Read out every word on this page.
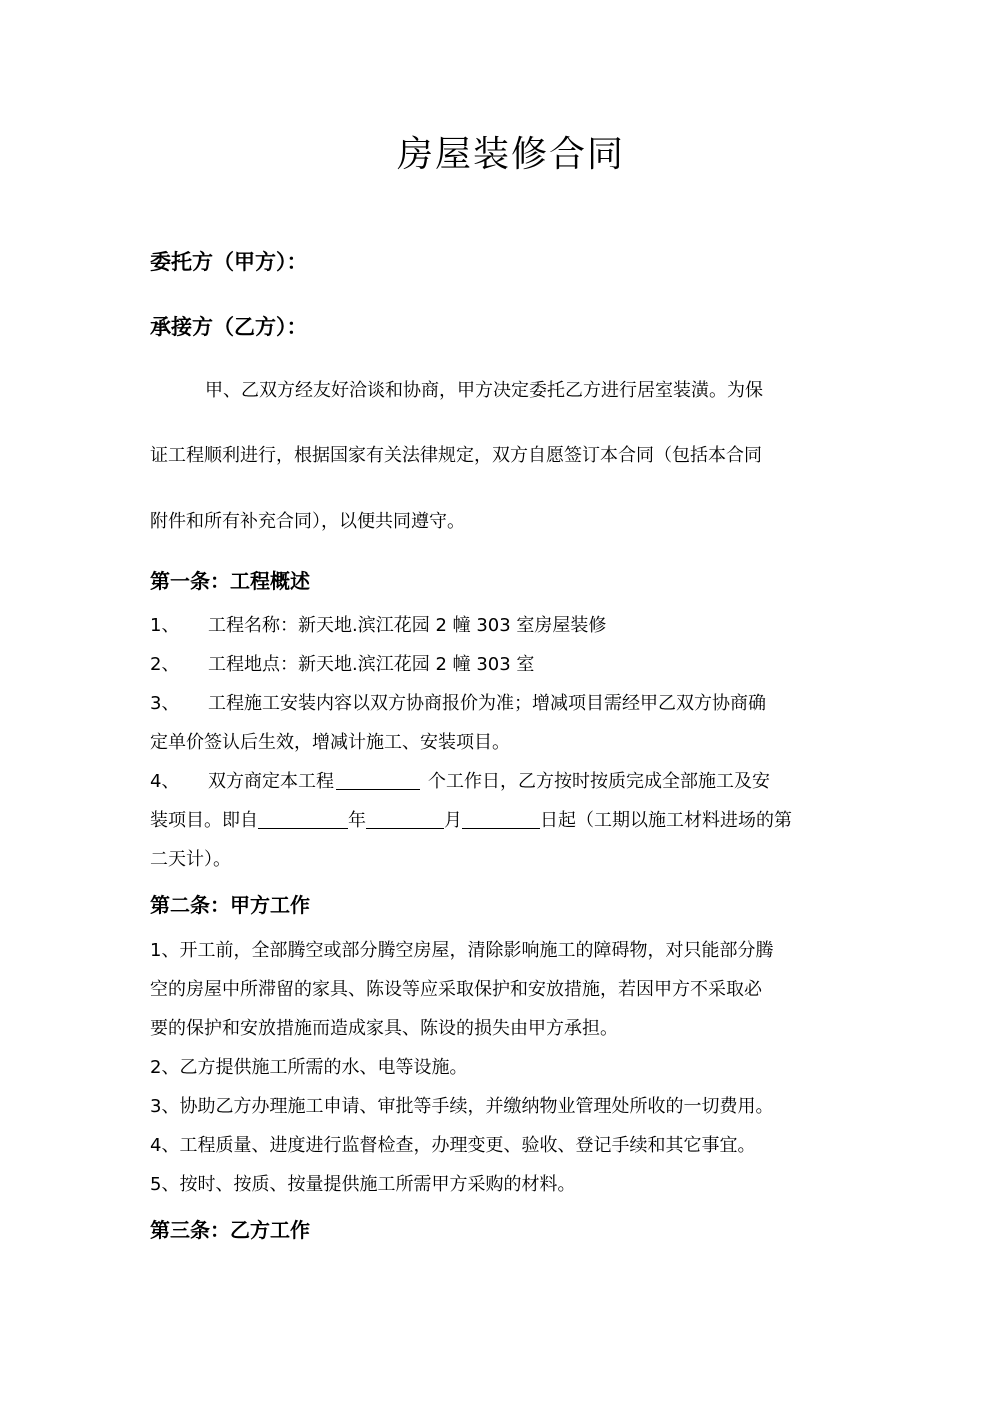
房屋装修合同
委托方（甲方）：
承接方（乙方）：
甲、乙双方经友好洽谈和协商，甲方决定委托乙方进行居室装潢。为保
证工程顺利进行，根据国家有关法律规定，双方自愿签订本合同（包括本合同
附件和所有补充合同），以便共同遵守。
第一条：工程概述
1、 工程名称：新天地.滨江花园 2 幢 303 室房屋装修
2、 工程地点：新天地.滨江花园 2 幢 303 室
3、 工程施工安装内容以双方协商报价为准；增减项目需经甲乙双方协商确
定单价签认后生效，增减计施工、安装项目。
4、 双方商定本工程	个工作日，乙方按时按质完成全部施工及安
装项目。即自	年	月	日起（工期以施工材料进场的第
二天计）。
第二条：甲方工作
1、开工前，全部腾空或部分腾空房屋，清除影响施工的障碍物，对只能部分腾
空的房屋中所滞留的家具、陈设等应采取保护和安放措施，若因甲方不采取必
要的保护和安放措施而造成家具、陈设的损失由甲方承担。
2、乙方提供施工所需的水、电等设施。
3、协助乙方办理施工申请、审批等手续，并缴纳物业管理处所收的一切费用。
4、工程质量、进度进行监督检查，办理变更、验收、登记手续和其它事宜。
5、按时、按质、按量提供施工所需甲方采购的材料。
第三条：乙方工作
